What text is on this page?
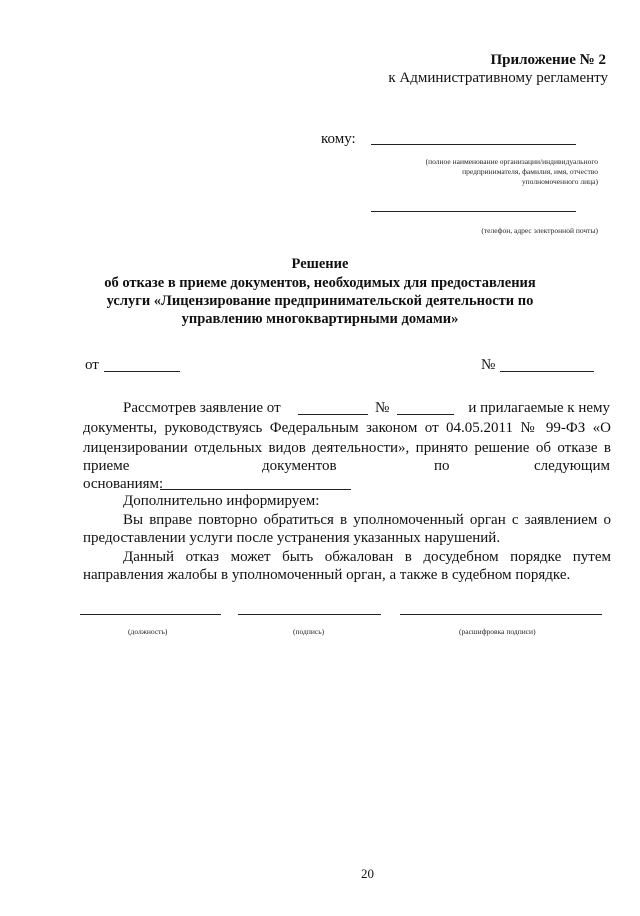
Приложение № 2
к Административному регламенту
кому:
(полное наименование организации/индивидуального
предпринимателя, фамилия, имя, отчество
уполномоченного лица)
(телефон, адрес электронной почты)
Решение
об отказе в приеме документов, необходимых для предоставления
услуги «Лицензирование предпринимательской деятельности по
управлению многоквартирными домами»
от	№
Рассмотрев заявление от	№	и прилагаемые к нему
документы, руководствуясь Федеральным законом от 04.05.2011 № 99-ФЗ «О
лицензировании отдельных видов деятельности», принято решение об отказе в
приеме	документов	по	следующим
основаниям:
Дополнительно информируем:
Вы вправе повторно обратиться в уполномоченный орган с заявлением о
предоставлении услуги после устранения указанных нарушений.
Данный отказ может быть обжалован в досудебном порядке путем
направления жалобы в уполномоченный орган, а также в судебном порядке.
(должность)	(подпись)	(расшифровка подписи)
20
